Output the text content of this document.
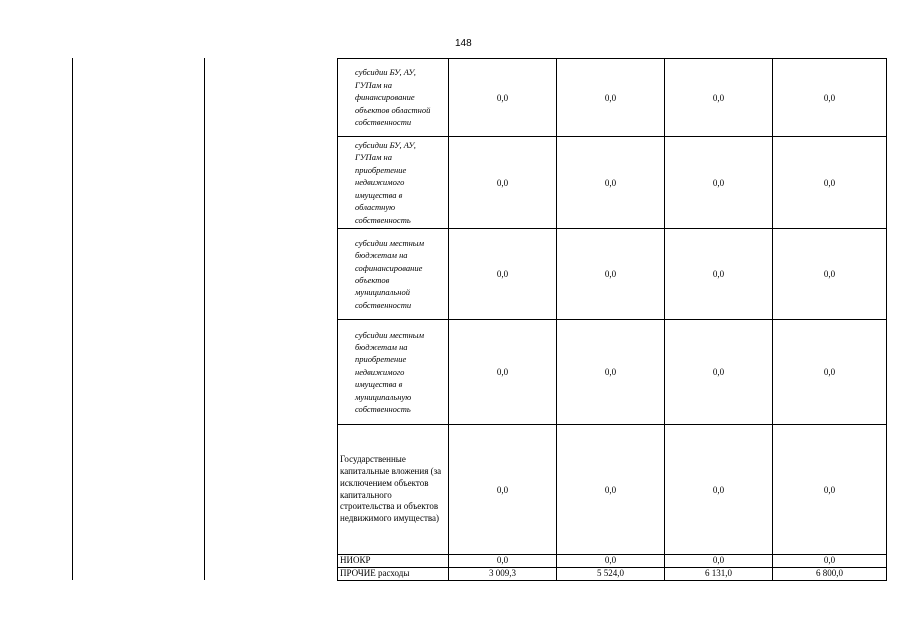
148
субсидии БУ, АУ, ГУПам на финансирование объектов областной собственности	0,0	0,0	0,0	0,0
субсидии БУ, АУ, ГУПам на приобретение недвижимого имущества в областную собственность	0,0	0,0	0,0	0,0
субсидии местным бюджетам на софинансирование объектов муниципальной собственности	0,0	0,0	0,0	0,0
субсидии местным бюджетам на приобретение недвижимого имущества в муниципальную собственность	0,0	0,0	0,0	0,0
Государственные капитальные вложения (за исключением объектов капитального строительства и объектов недвижимого имущества)	0,0	0,0	0,0	0,0
НИОКР	0,0	0,0	0,0	0,0
ПРОЧИЕ расходы	3 009,3	5 524,0	6 131,0	6 800,0
